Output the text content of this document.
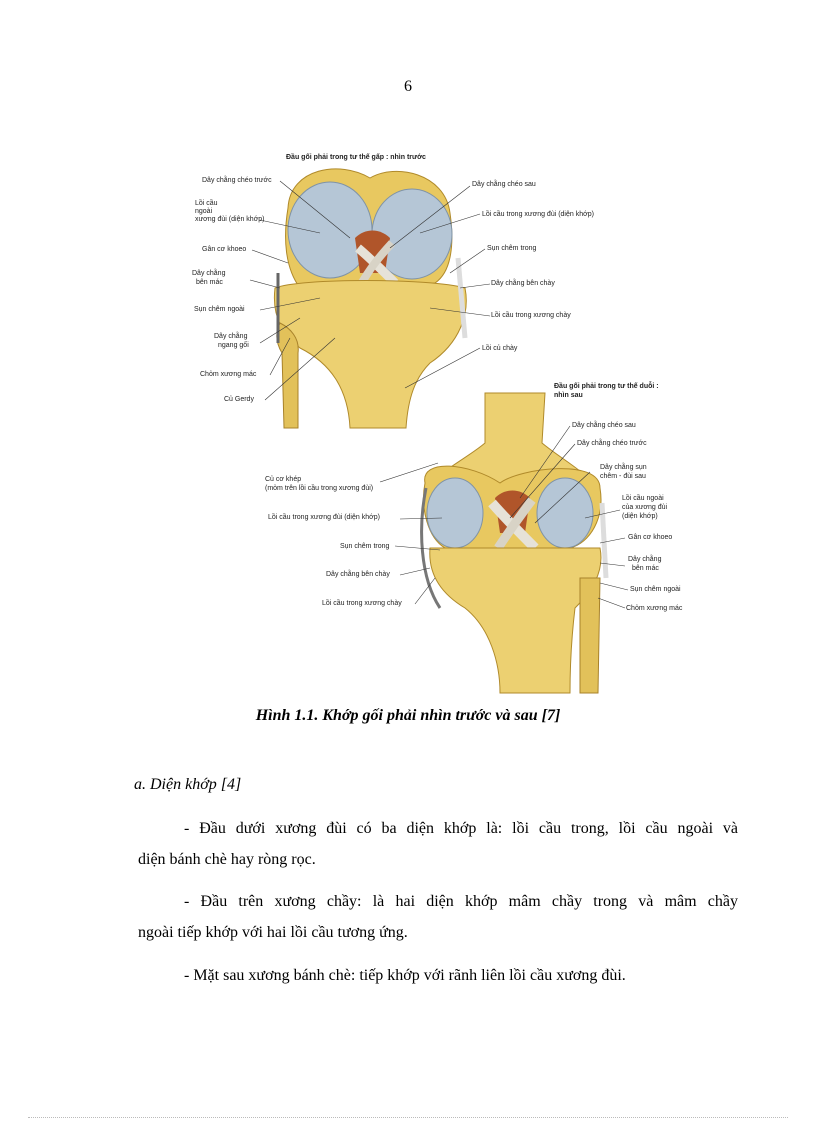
6
Đầu gối phải trong tư thế gấp : nhìn trước
Dây chằng chéo trước
Lồi cầu
ngoài
xương đùi (diện khớp)
Gân cơ khoeo
Dây chằng
bên mác
Sụn chêm ngoài
Dây chằng
ngang gối
Chỏm xương mác
Củ Gerdy
Dây chằng chéo sau
Lồi cầu trong xương đùi (diện khớp)
Sụn chêm trong
Dây chằng bên chày
Lồi cầu trong xương chày
Lồi củ chày
Đầu gối phải trong tư thế duỗi :
nhìn sau
Củ cơ khép
(mỏm trên lồi cầu trong xương đùi)
Lồi cầu trong xương đùi (diện khớp)
Sụn chêm trong
Dây chằng bên chày
Lồi cầu trong xương chày
Dây chằng chéo sau
Dây chằng chéo trước
Dây chằng sụn
chêm - đùi sau
Lồi cầu ngoài
của xương đùi
(diện khớp)
Gân cơ khoeo
Dây chằng
bên mác
Sụn chêm ngoài
Chỏm xương mác
Hình 1.1. Khớp gối phải nhìn trước và sau [7]
a. Diện khớp [4]
- Đầu dưới xương đùi có ba diện khớp là: lồi cầu trong, lồi cầu ngoài và
diện bánh chè hay ròng rọc.
- Đầu trên xương chầy: là hai diện khớp mâm chầy trong và mâm chầy
ngoài tiếp khớp với hai lồi cầu tương ứng.
- Mặt sau xương bánh chè: tiếp khớp với rãnh liên lồi cầu xương đùi.
